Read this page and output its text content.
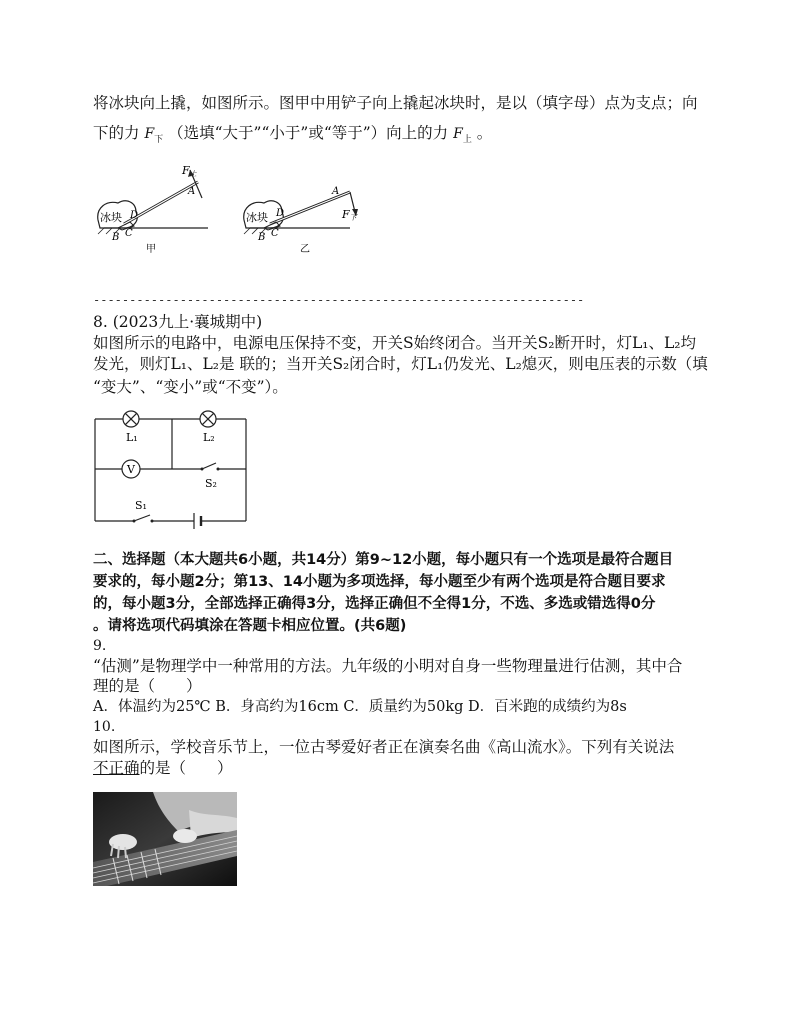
将冰块向上撬，如图所示。图甲中用铲子向上撬起冰块时，是以（填字母）点为支点；向
下的力 $F_下$ （选填“大于”“小于”或“等于”）向上的力 $F_上$ 。
冰块
F上
A
B C
D
甲
冰块	F下
A
B C
D
乙
--------------------------------------------------------------------
8. (2023九上·襄城期中)
如图所示的电路中，电源电压保持不变，开关S始终闭合。当开关S₂断开时，灯L₁、L₂均
发光，则灯L₁、L₂是 联的；当开关S₂闭合时，灯L₁仍发光、L₂熄灭，则电压表的示数（填
“变大”、“变小”或“不变”）。
L₁	L₂
V
S₂
S₁
二、选择题（本大题共6小题，共14分）第9~12小题，每小题只有一个选项是最符合题目
要求的，每小题2分；第13、14小题为多项选择，每小题至少有两个选项是符合题目要求
的，每小题3分，全部选择正确得3分，选择正确但不全得1分，不选、多选或错选得0分
。请将选项代码填涂在答题卡相应位置。(共6题)
9.
“估测”是物理学中一种常用的方法。九年级的小明对自身一些物理量进行估测，其中合
理的是（　　）
A．体温约为25℃ B．身高约为16cm C．质量约为50kg D．百米跑的成绩约为8s
10.
如图所示，学校音乐节上，一位古琴爱好者正在演奏名曲《高山流水》。下列有关说法
不正确的是（　　）
